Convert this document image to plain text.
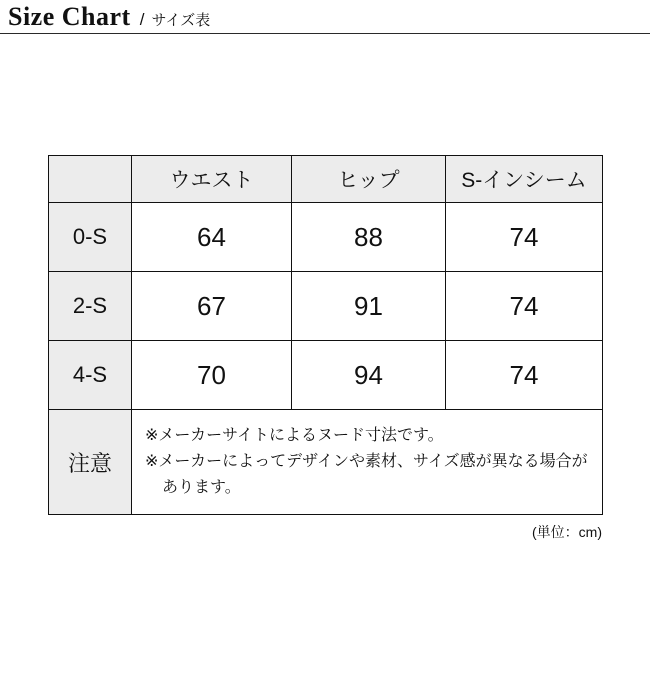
Size Chart / サイズ表
	ウエスト	ヒップ	S-インシーム
0-S	64	88	74
2-S	67	91	74
4-S	70	94	74
注意	※メーカーサイトによるヌード寸法です。
※メーカーによってデザインや素材、サイズ感が異なる場合が
あります。		
(単位：cm)
